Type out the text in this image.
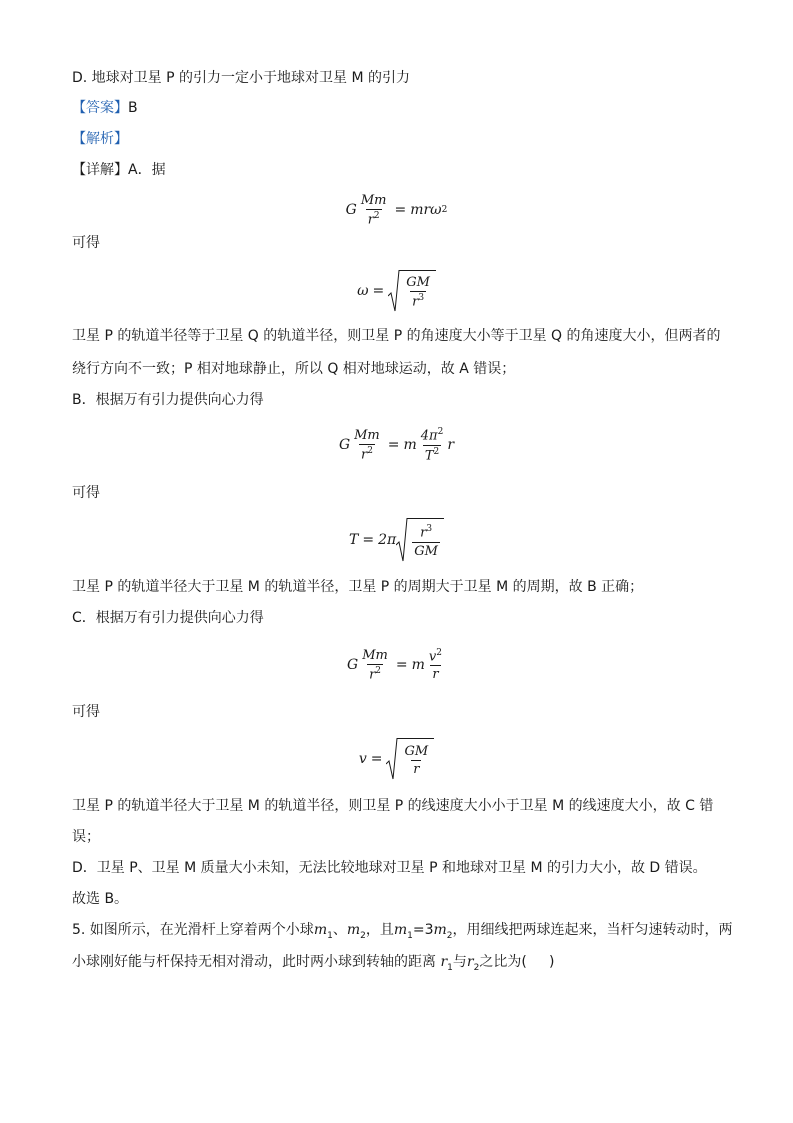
D. 地球对卫星 P 的引力一定小于地球对卫星 M 的引力
【答案】B
【解析】
【详解】A．据
G $\frac{Mm}{r^2} = mr\omega$ 2
可得
$\omega = \frac{GM}{r^3}$
卫星 P 的轨道半径等于卫星 Q 的轨道半径，则卫星 P 的角速度大小等于卫星 Q 的角速度大小，但两者的
绕行方向不一致；P 相对地球静止，所以 Q 相对地球运动，故 A 错误；
B．根据万有引力提供向心力得
G $\frac{Mm}{r^2} = m \frac{4\pi^2}{T^2}$ r
可得
$T = 2\pi \frac{r^3}{GM}$
卫星 P 的轨道半径大于卫星 M 的轨道半径，卫星 P 的周期大于卫星 M 的周期，故 B 正确；
C．根据万有引力提供向心力得
G $\frac{Mm}{r^2} = m \frac{v^2}{r}$
可得
$v = \frac{GM}{r}$
卫星 P 的轨道半径大于卫星 M 的轨道半径，则卫星 P 的线速度大小小于卫星 M 的线速度大小，故 C 错
误；
D．卫星 P、卫星 M 质量大小未知，无法比较地球对卫星 P 和地球对卫星 M 的引力大小，故 D 错误。
故选 B。
5. 如图所示，在光滑杆上穿着两个小球$m_1$、$m_2$，且$m_1=3m_2$，用细线把两球连起来，当杆匀速转动时，两
小球刚好能与杆保持无相对滑动，此时两小球到转轴的距离 $r_1$与$r_2$之比为(     )
